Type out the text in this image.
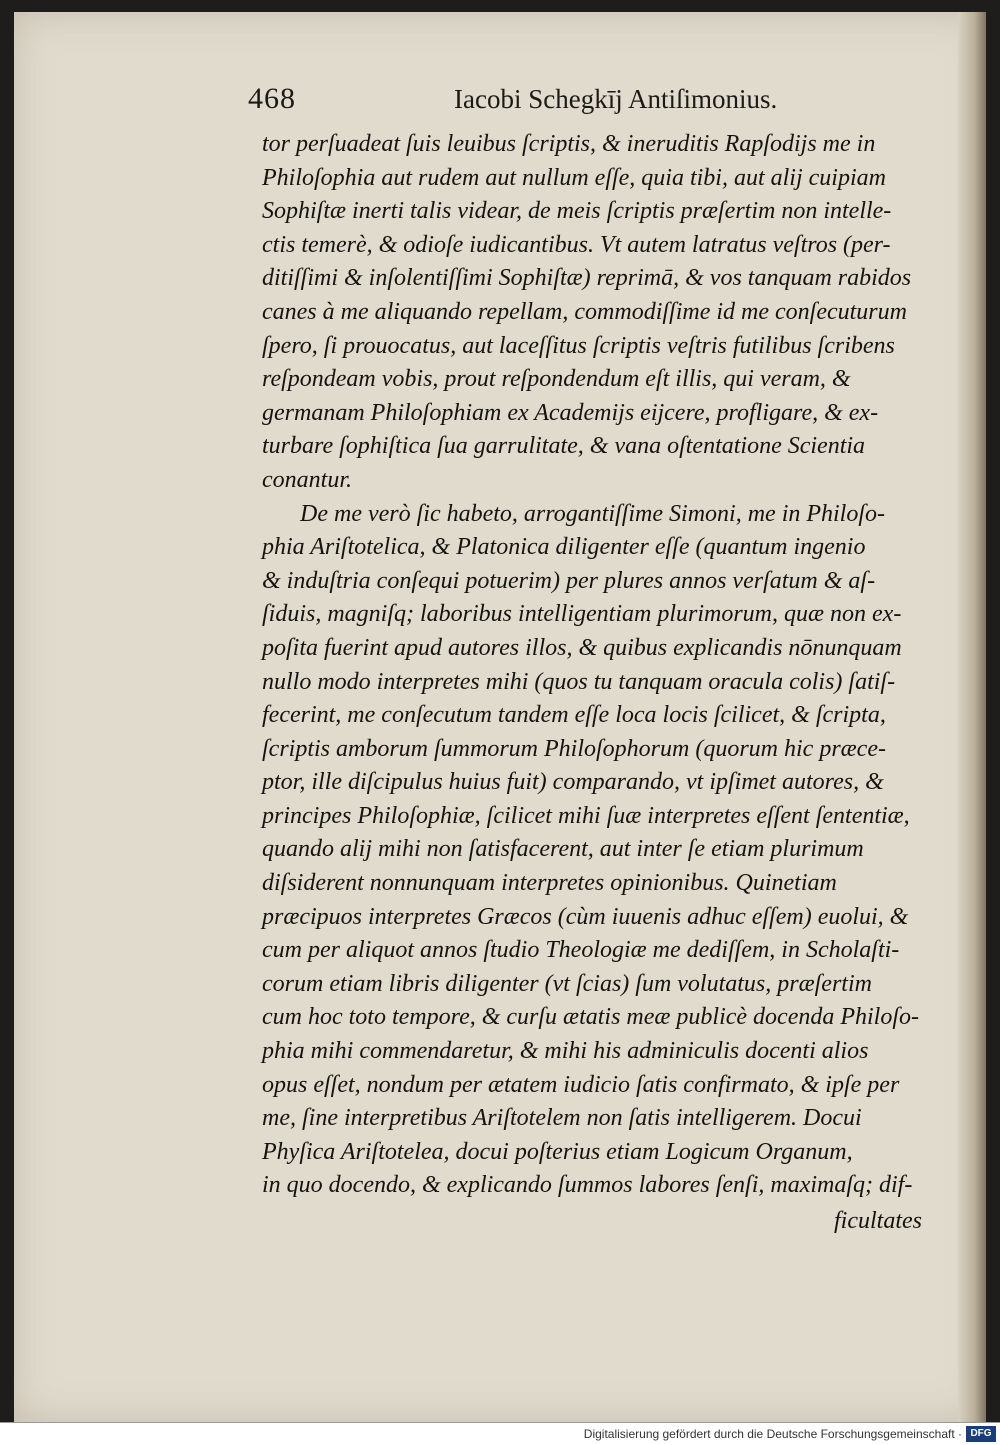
468	Iacobi Schegkīj Antiſimonius.
tor perſuadeat ſuis leuibus ſcriptis, & ineruditis Rapſodijs me in
Philoſophia aut rudem aut nullum eſſe, quia tibi, aut alij cuipiam
Sophiſtæ inerti talis videar, de meis ſcriptis præſertim non intelle-
ctis temerè, & odioſe iudicantibus. Vt autem latratus veſtros (per-
ditiſſimi & inſolentiſſimi Sophiſtæ) reprimā, & vos tanquam rabidos
canes à me aliquando repellam, commodiſſime id me conſecuturum
ſpero, ſi prouocatus, aut laceſſitus ſcriptis veſtris futilibus ſcribens
reſpondeam vobis, prout reſpondendum eſt illis, qui veram, &
germanam Philoſophiam ex Academijs eijcere, profligare, & ex-
turbare ſophiſtica ſua garrulitate, & vana oſtentatione Scientia
conantur.
De me verò ſic habeto, arrogantiſſime Simoni, me in Philoſo-
phia Ariſtotelica, & Platonica diligenter eſſe (quantum ingenio
& induſtria conſequi potuerim) per plures annos verſatum & aſ-
ſiduis, magniſq; laboribus intelligentiam plurimorum, quæ non ex-
poſita fuerint apud autores illos, & quibus explicandis nōnunquam
nullo modo interpretes mihi (quos tu tanquam oracula colis) ſatiſ-
fecerint, me conſecutum tandem eſſe loca locis ſcilicet, & ſcripta,
ſcriptis amborum ſummorum Philoſophorum (quorum hic præce-
ptor, ille diſcipulus huius fuit) comparando, vt ipſimet autores, &
principes Philoſophiæ, ſcilicet mihi ſuæ interpretes eſſent ſententiæ,
quando alij mihi non ſatisfacerent, aut inter ſe etiam plurimum
diſsiderent nonnunquam interpretes opinionibus. Quinetiam
præcipuos interpretes Græcos (cùm iuuenis adhuc eſſem) euolui, &
cum per aliquot annos ſtudio Theologiæ me dediſſem, in Scholaſti-
corum etiam libris diligenter (vt ſcias) ſum volutatus, præſertim
cum hoc toto tempore, & curſu ætatis meæ publicè docenda Philoſo-
phia mihi commendaretur, & mihi his adminiculis docenti alios
opus eſſet, nondum per ætatem iudicio ſatis confirmato, & ipſe per
me, ſine interpretibus Ariſtotelem non ſatis intelligerem. Docui
Phyſica Ariſtotelea, docui poſterius etiam Logicum Organum,
in quo docendo, & explicando ſummos labores ſenſi, maximaſq; dif-
ficultates
Digitalisierung gefördert durch die Deutsche Forschungsgemeinschaft · DFG
